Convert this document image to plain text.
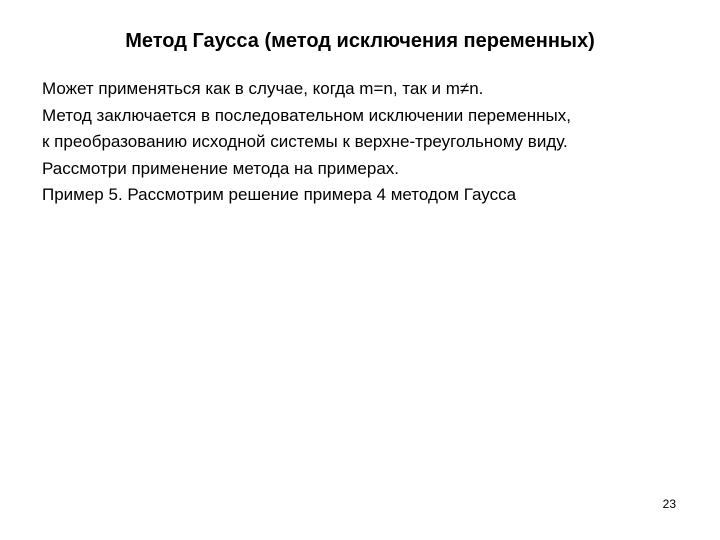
Метод Гаусса (метод исключения переменных)
Может применяться как в случае, когда m=n, так и m≠n.
Метод заключается в последовательном исключении переменных,
к преобразованию исходной системы к верхне-треугольному виду.
Рассмотри применение метода на примерах.
Пример 5. Рассмотрим решение примера 4 методом Гаусса
23
